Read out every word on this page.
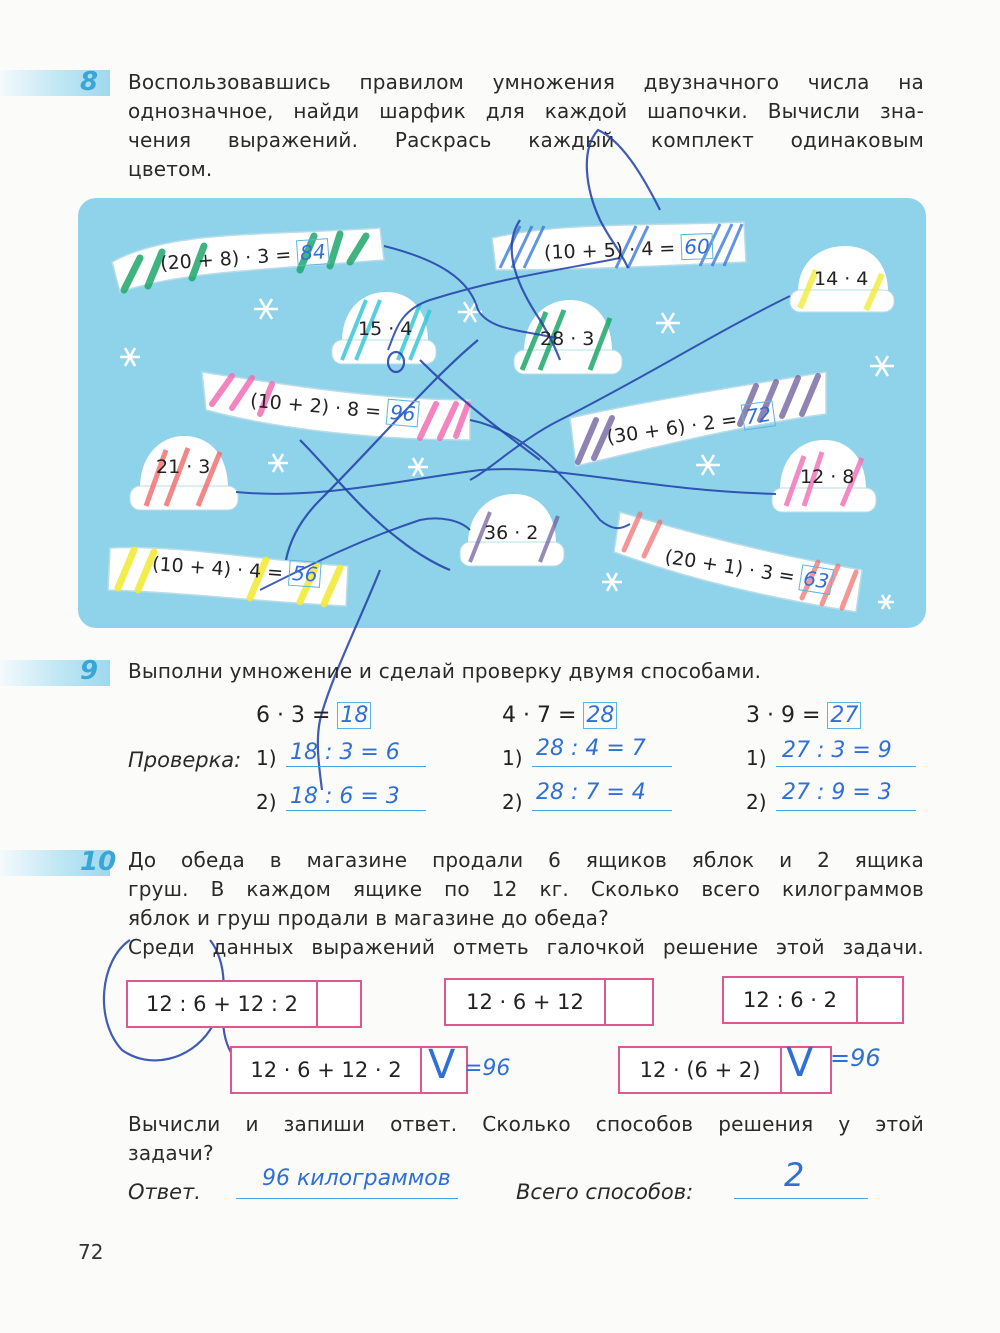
8 Воспользовавшись правилом умножения двузначного числа на
однозначное, найди шарфик для каждой шапочки. Вычисли зна-
чения выражений. Раскрась каждый комплект одинаковым
цветом.
(20 + 8) · 3 = 84	(10 + 5) · 4 = 60
(10 + 2) · 8 = 96	(30 + 6) · 2 = 72
(10 + 4) · 4 = 56	(20 + 1) · 3 = 63
14 · 4
15 · 4	28 · 3
21 · 3	12 · 8
36 · 2
9 Выполни умножение и сделай проверку двумя способами.
6 · 3 = 18
Проверка: 1) 18 : 3 = 6
2) 18 : 6 = 3
4 · 7 = 28
1) 28 : 4 = 7
2) 28 : 7 = 4
3 · 9 = 27
1) 27 : 3 = 9
2) 27 : 9 = 3
10 До обеда в магазине продали 6 ящиков яблок и 2 ящика
груш. В каждом ящике по 12 кг. Сколько всего килограммов
яблок и груш продали в магазине до обеда?
Среди данных выражений отметь галочкой решение этой задачи.
12 : 6 + 12 : 2	12 · 6 + 12	12 : 6 · 2
12 · 6 + 12 · 2 V =96	12 · (6 + 2) V =96
Вычисли и запиши ответ. Сколько способов решения у этой
задачи?
Ответ.
96 килограммов
Всего способов:	2
72
